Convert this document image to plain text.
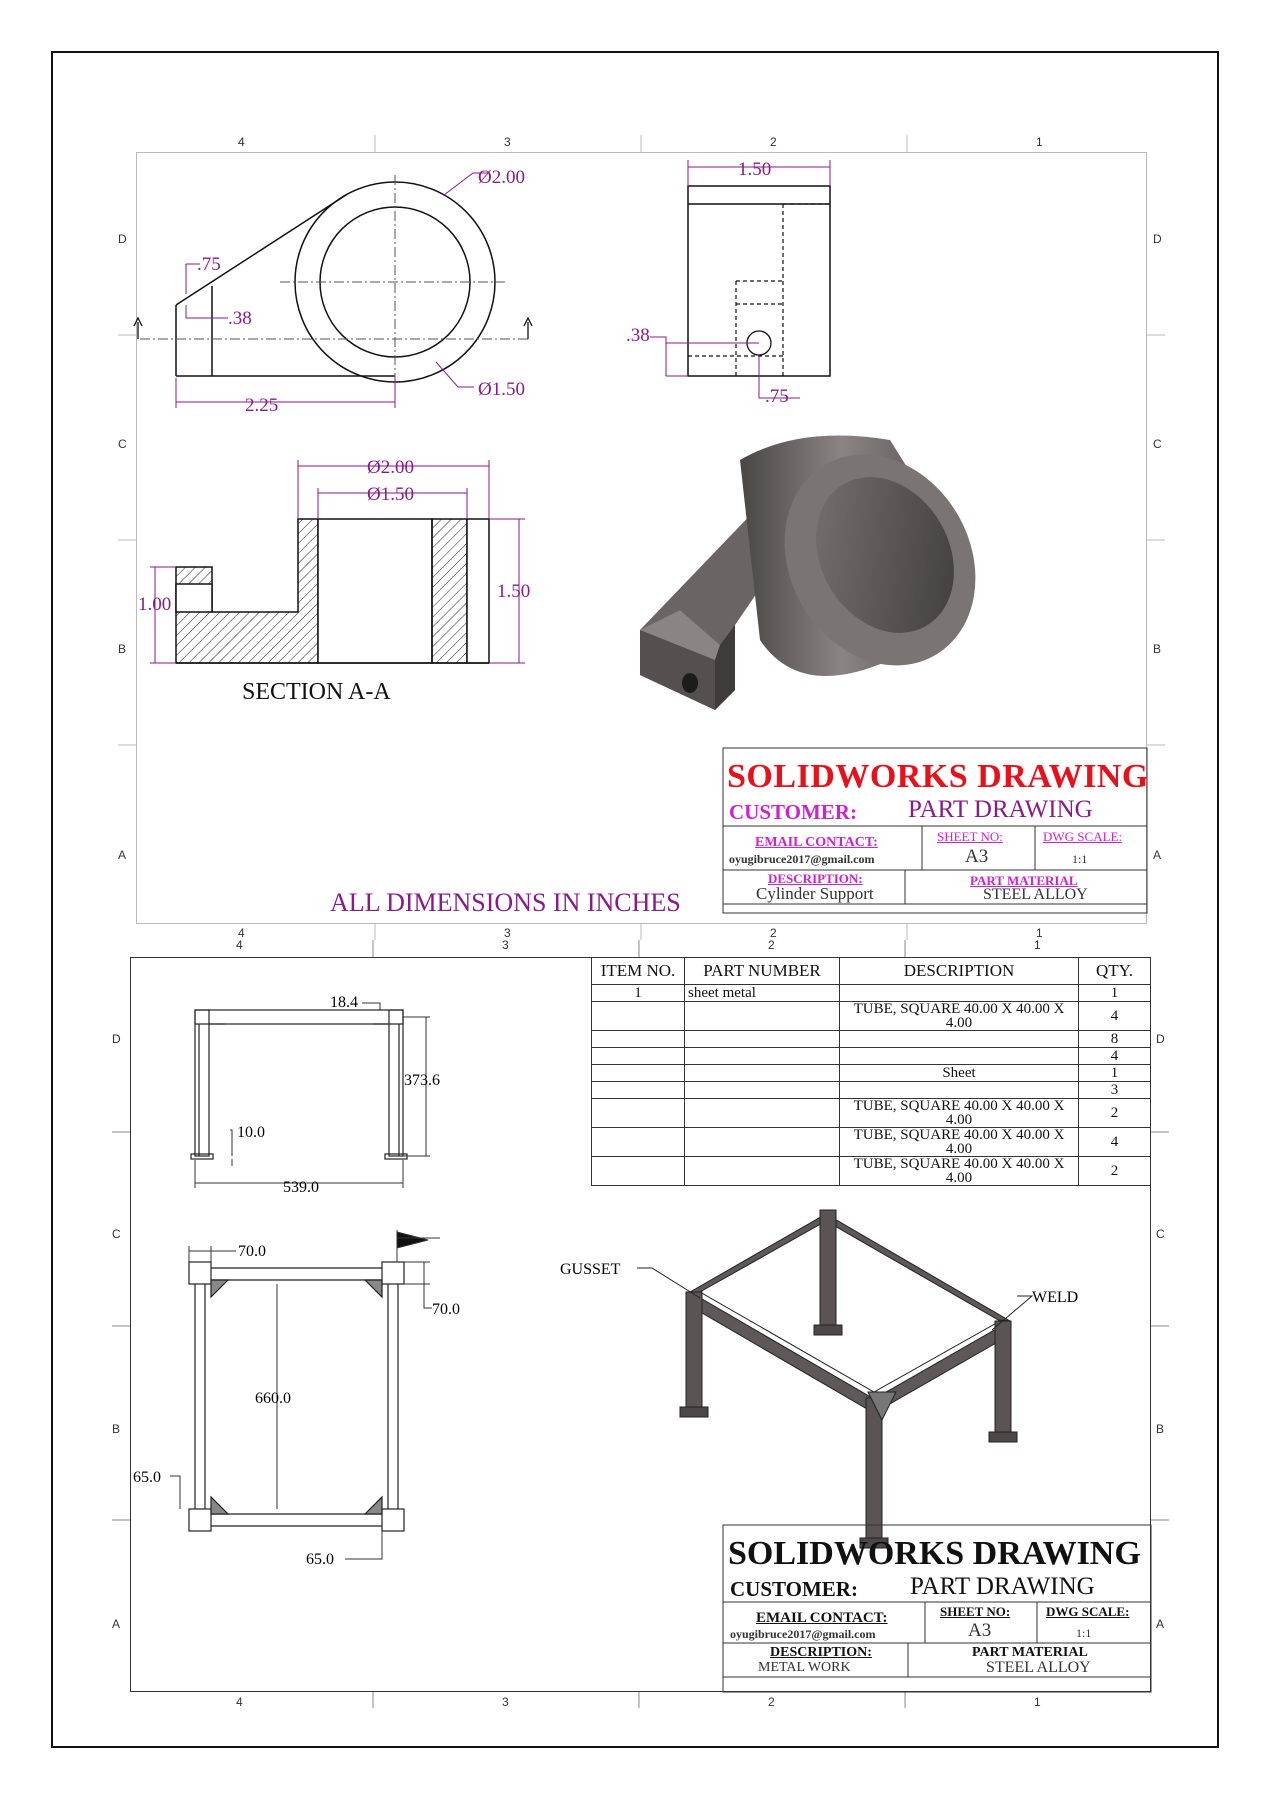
4	3	2	1
D
C
B
A
D
C
B
A
4	3	2	1
Ø2.00
.75
.38
2.25
Ø1.50
1.50
.38
.75
Ø2.00
Ø1.50
1.00
1.50
SECTION A-A
SOLIDWORKS DRAWING
CUSTOMER: PART DRAWING
EMAIL CONTACT:
oyugibruce2017@gmail.com
SHEET NO:
A3
DWG SCALE:
1:1
DESCRIPTION:
Cylinder Support
PART MATERIAL
STEEL ALLOY
ALL DIMENSIONS IN INCHES
4	3	2	1
D
C
B
A
D
C
B
A
4	3	2	1
18.4
373.6
10.0
539.0
70.0
70.0
660.0
65.0
65.0
GUSSET
WELD
ITEM NO.	PART NUMBER	DESCRIPTION	QTY.
1	sheet metal		1
		TUBE, SQUARE 40.00 X 40.00 X 4.00	4
			8
			4
		Sheet	1
			3
		TUBE, SQUARE 40.00 X 40.00 X 4.00	2
		TUBE, SQUARE 40.00 X 40.00 X 4.00	4
		TUBE, SQUARE 40.00 X 40.00 X 4.00	2
SOLIDWORKS DRAWING
CUSTOMER: PART DRAWING
EMAIL CONTACT:
oyugibruce2017@gmail.com
SHEET NO:
A3
DWG SCALE:
1:1
DESCRIPTION:
METAL WORK
PART MATERIAL
STEEL ALLOY
